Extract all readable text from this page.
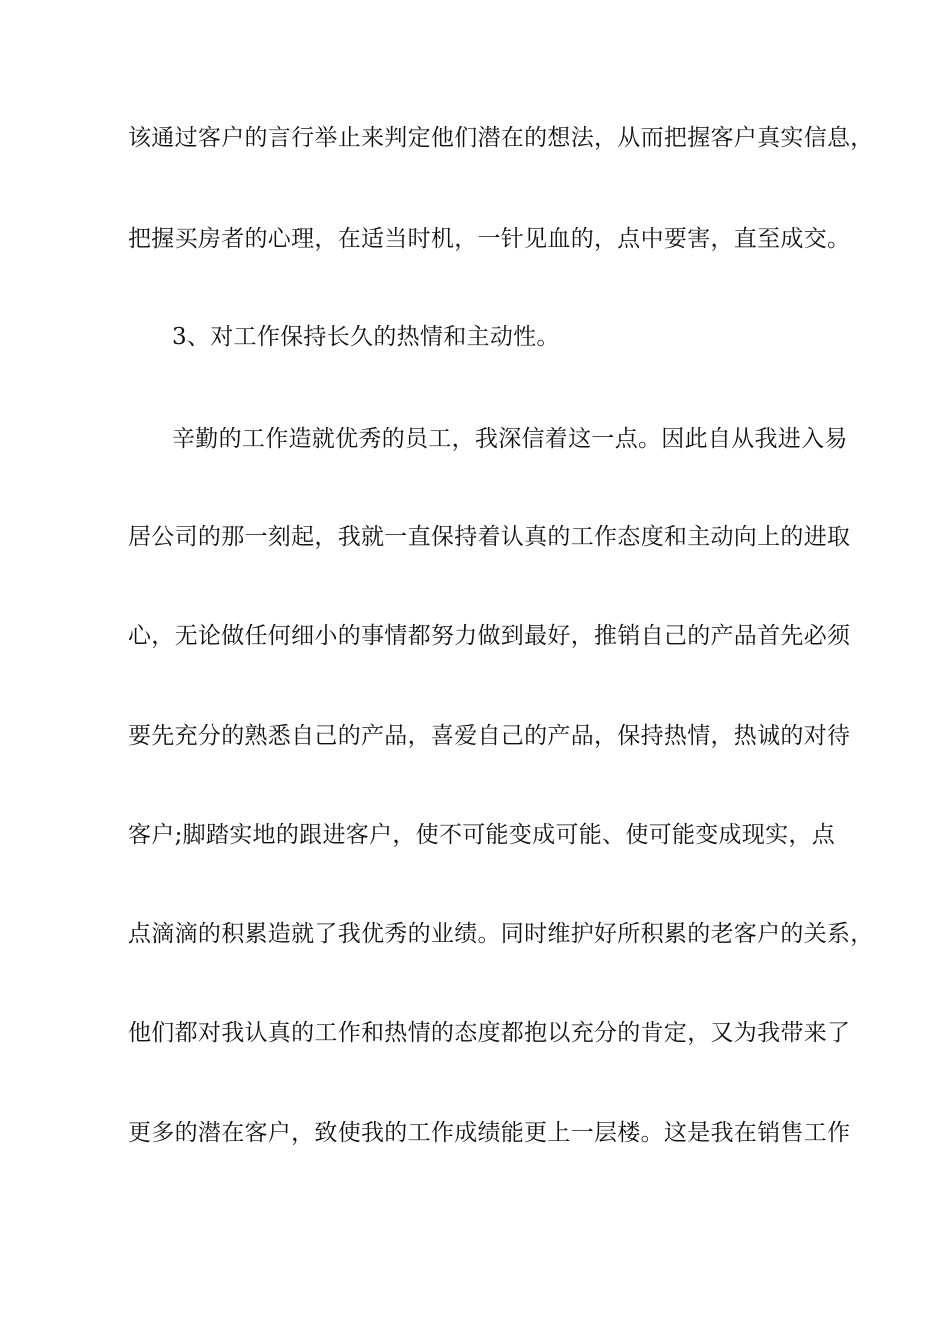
该通过客户的言行举止来判定他们潜在的想法，从而把握客户真实信息，
把握买房者的心理，在适当时机，一针见血的，点中要害，直至成交。
3、对工作保持长久的热情和主动性。
辛勤的工作造就优秀的员工，我深信着这一点。因此自从我进入易
居公司的那一刻起，我就一直保持着认真的工作态度和主动向上的进取
心，无论做任何细小的事情都努力做到最好，推销自己的产品首先必须
要先充分的熟悉自己的产品，喜爱自己的产品，保持热情，热诚的对待
客户;脚踏实地的跟进客户，使不可能变成可能、使可能变成现实，点
点滴滴的积累造就了我优秀的业绩。同时维护好所积累的老客户的关系，
他们都对我认真的工作和热情的态度都抱以充分的肯定，又为我带来了
更多的潜在客户，致使我的工作成绩能更上一层楼。这是我在销售工作
